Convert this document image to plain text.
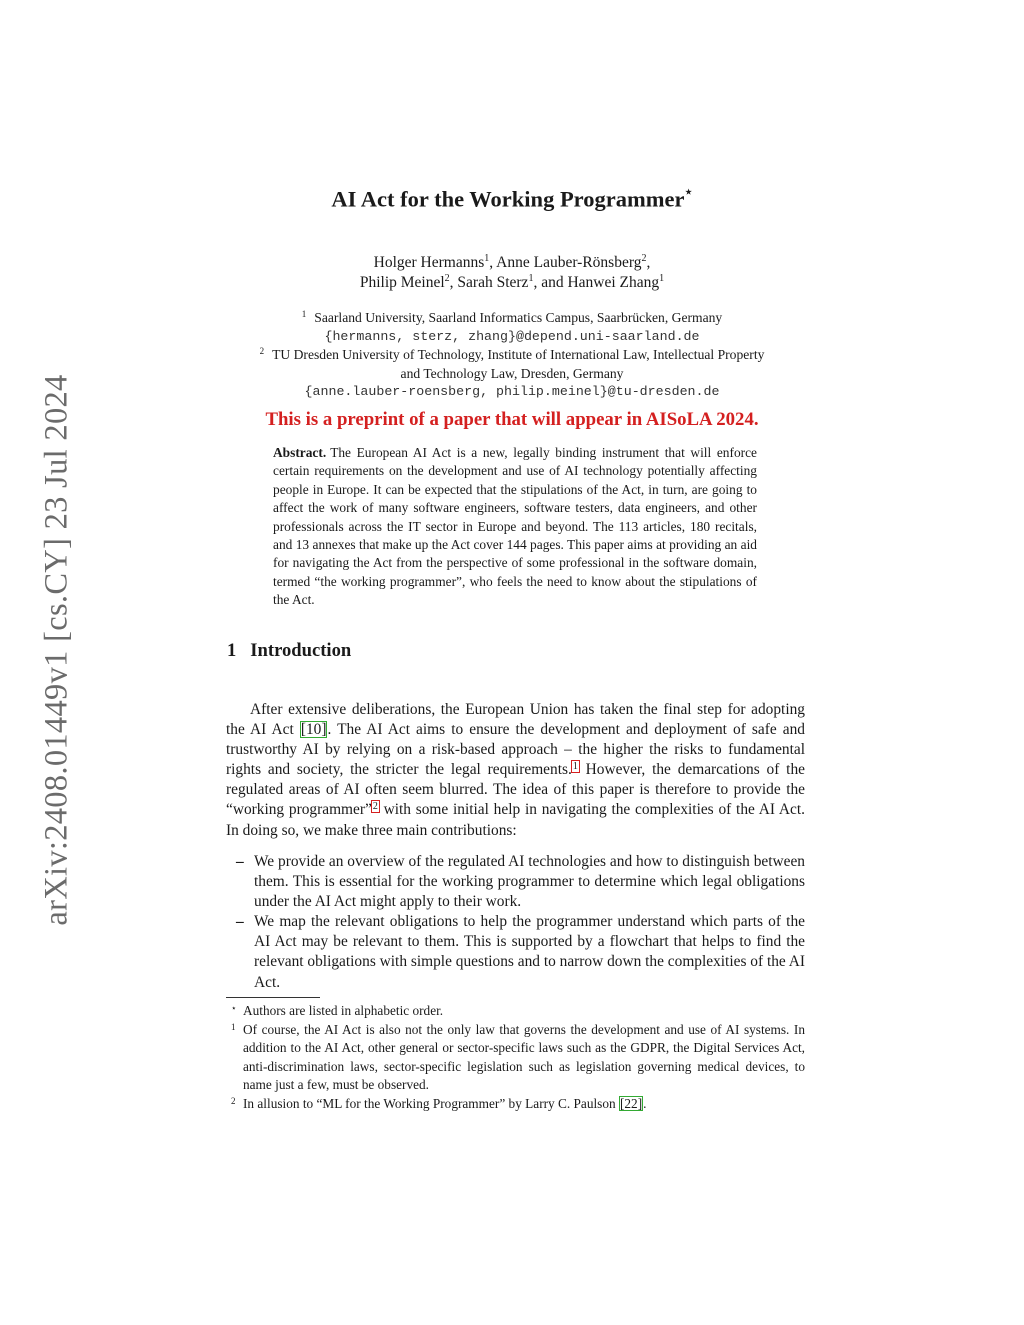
arXiv:2408.01449v1 [cs.CY] 23 Jul 2024
AI Act for the Working Programmer⋆
Holger Hermanns$^1$, Anne Lauber-Rönsberg$^2$,
Philip Meinel$^2$, Sarah Sterz$^1$, and Hanwei Zhang$^1$
$^1$ Saarland University, Saarland Informatics Campus, Saarbrücken, Germany
{hermanns, sterz, zhang}@depend.uni-saarland.de
$^2$ TU Dresden University of Technology, Institute of International Law, Intellectual Property
and Technology Law, Dresden, Germany
{anne.lauber-roensberg, philip.meinel}@tu-dresden.de
This is a preprint of a paper that will appear in AISoLA 2024.
Abstract. The European AI Act is a new, legally binding instrument that will enforce certain requirements on the development and use of AI technology potentially affecting people in Europe. It can be expected that the stipulations of the Act, in turn, are going to affect the work of many software engineers, software testers, data engineers, and other professionals across the IT sector in Europe and beyond. The 113 articles, 180 recitals, and 13 annexes that make up the Act cover 144 pages. This paper aims at providing an aid for navigating the Act from the perspective of some professional in the software domain, termed “the working programmer”, who feels the need to know about the stipulations of the Act.
1 Introduction

After extensive deliberations, the European Union has taken the final step for adopting the AI Act [10]. The AI Act aims to ensure the development and deployment of safe and trustworthy AI by relying on a risk-based approach – the higher the risks to fundamental rights and society, the stricter the legal requirements.$^1$ However, the demarcations of the regulated areas of AI often seem blurred. The idea of this paper is therefore to provide the “working programmer”$^2$ with some initial help in navigating the complexities of the AI Act. In doing so, we make three main contributions:

– We provide an overview of the regulated AI technologies and how to distinguish between them. This is essential for the working programmer to determine which legal obligations under the AI Act might apply to their work.
– We map the relevant obligations to help the programmer understand which parts of the AI Act may be relevant to them. This is supported by a flowchart that helps to find the relevant obligations with simple questions and to narrow down the complexities of the AI Act.
⋆ Authors are listed in alphabetic order.
1 Of course, the AI Act is also not the only law that governs the development and use of AI systems. In addition to the AI Act, other general or sector-specific laws such as the GDPR, the Digital Services Act, anti-discrimination laws, sector-specific legislation such as legislation governing medical devices, to name just a few, must be observed.
2 In allusion to “ML for the Working Programmer” by Larry C. Paulson [22].
